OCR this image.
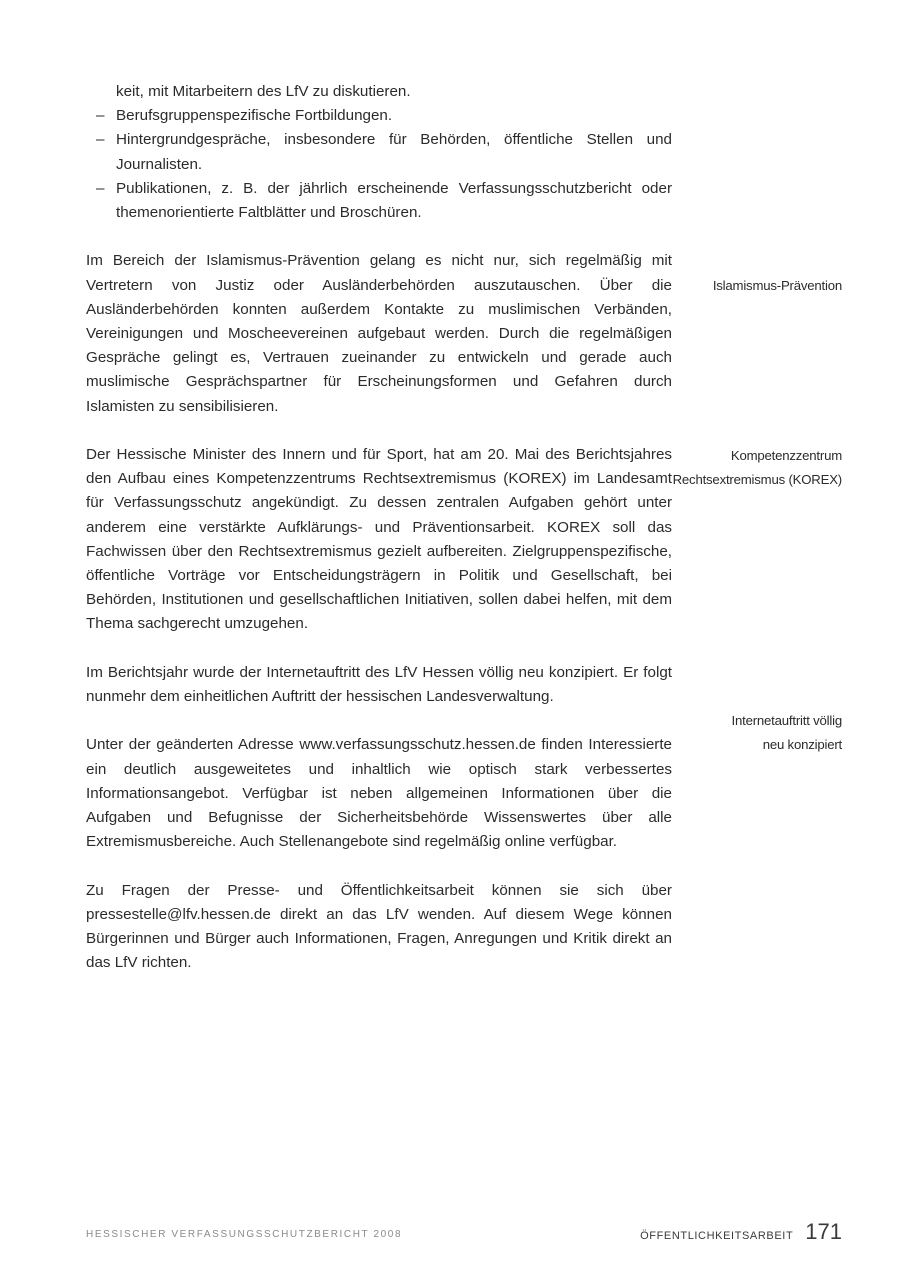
keit, mit Mitarbeitern des LfV zu diskutieren.

– Berufsgruppenspezifische Fortbildungen.
– Hintergrundgespräche, insbesondere für Behörden, öffentliche Stellen und Journalisten.
– Publikationen, z. B. der jährlich erscheinende Verfassungsschutzbericht oder themenorientierte Faltblätter und Broschüren.

Im Bereich der Islamismus-Prävention gelang es nicht nur, sich regelmäßig mit Vertretern von Justiz oder Ausländerbehörden auszutauschen. Über die Ausländerbehörden konnten außerdem Kontakte zu muslimischen Verbänden, Vereinigungen und Moscheevereinen aufgebaut werden. Durch die regelmäßigen Gespräche gelingt es, Vertrauen zueinander zu entwickeln und gerade auch muslimische Gesprächspartner für Erscheinungsformen und Gefahren durch Islamisten zu sensibilisieren.

Der Hessische Minister des Innern und für Sport, hat am 20. Mai des Berichtsjahres den Aufbau eines Kompetenzzentrums Rechtsextremismus (KOREX) im Landesamt für Verfassungsschutz angekündigt. Zu dessen zentralen Aufgaben gehört unter anderem eine verstärkte Aufklärungs- und Präventionsarbeit. KOREX soll das Fachwissen über den Rechtsextremismus gezielt aufbereiten. Zielgruppenspezifische, öffentliche Vorträge vor Entscheidungsträgern in Politik und Gesellschaft, bei Behörden, Institutionen und gesellschaftlichen Initiativen, sollen dabei helfen, mit dem Thema sachgerecht umzugehen.

Im Berichtsjahr wurde der Internetauftritt des LfV Hessen völlig neu konzipiert. Er folgt nunmehr dem einheitlichen Auftritt der hessischen Landesverwaltung.

Unter der geänderten Adresse www.verfassungsschutz.hessen.de finden Interessierte ein deutlich ausgeweitetes und inhaltlich wie optisch stark verbessertes Informationsangebot. Verfügbar ist neben allgemeinen Informationen über die Aufgaben und Befugnisse der Sicherheitsbehörde Wissenswertes über alle Extremismusbereiche. Auch Stellenangebote sind regelmäßig online verfügbar.

Zu Fragen der Presse- und Öffentlichkeitsarbeit können sie sich über pressestelle@lfv.hessen.de direkt an das LfV wenden. Auf diesem Wege können Bürgerinnen und Bürger auch Informationen, Fragen, Anregungen und Kritik direkt an das LfV richten.

Islamismus-Prävention
Kompetenzzentrum
Rechtsextremismus (KOREX)
Internetauftritt völlig
neu konzipiert
HESSISCHER VERFASSUNGSSCHUTZBERICHT 2008	ÖFFENTLICHKEITSARBEIT 171
